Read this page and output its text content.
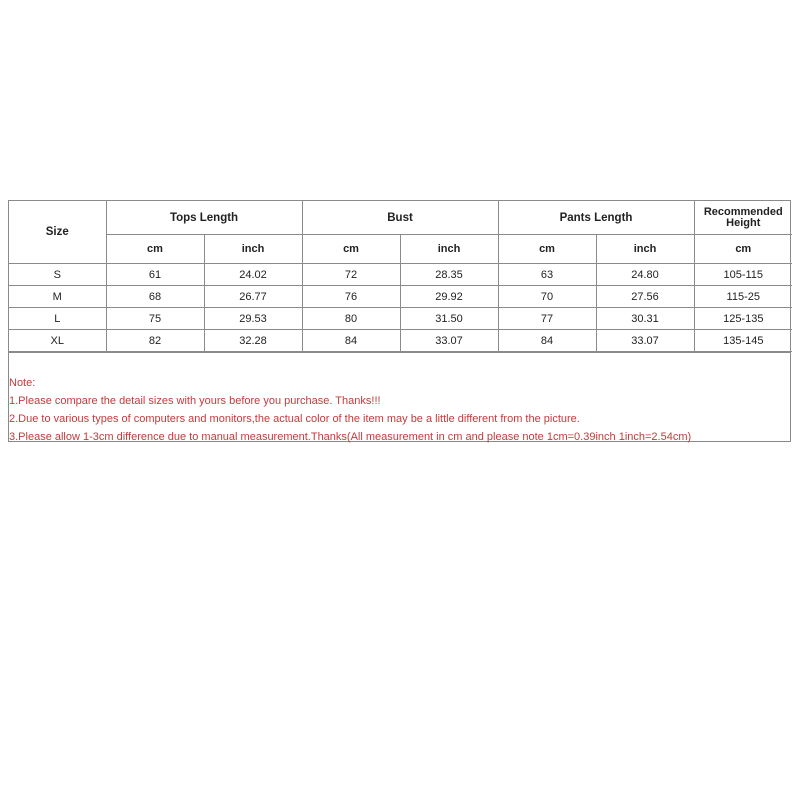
Size	Tops Length		Bust		Pants Length		Recommended Height
	cm	inch	cm	inch	cm	inch	cm
S	61	24.02	72	28.35	63	24.80	105-115
M	68	26.77	76	29.92	70	27.56	115-25
L	75	29.53	80	31.50	77	30.31	125-135
XL	82	32.28	84	33.07	84	33.07	135-145
Note:
1.Please compare the detail sizes with yours before you purchase. Thanks!!!
2.Due to various types of computers and monitors,the actual color of the item may be a little different from the picture.
3.Please allow 1-3cm difference due to manual measurement.Thanks(All measurement in cm and please note 1cm=0.39inch 1inch=2.54cm)
